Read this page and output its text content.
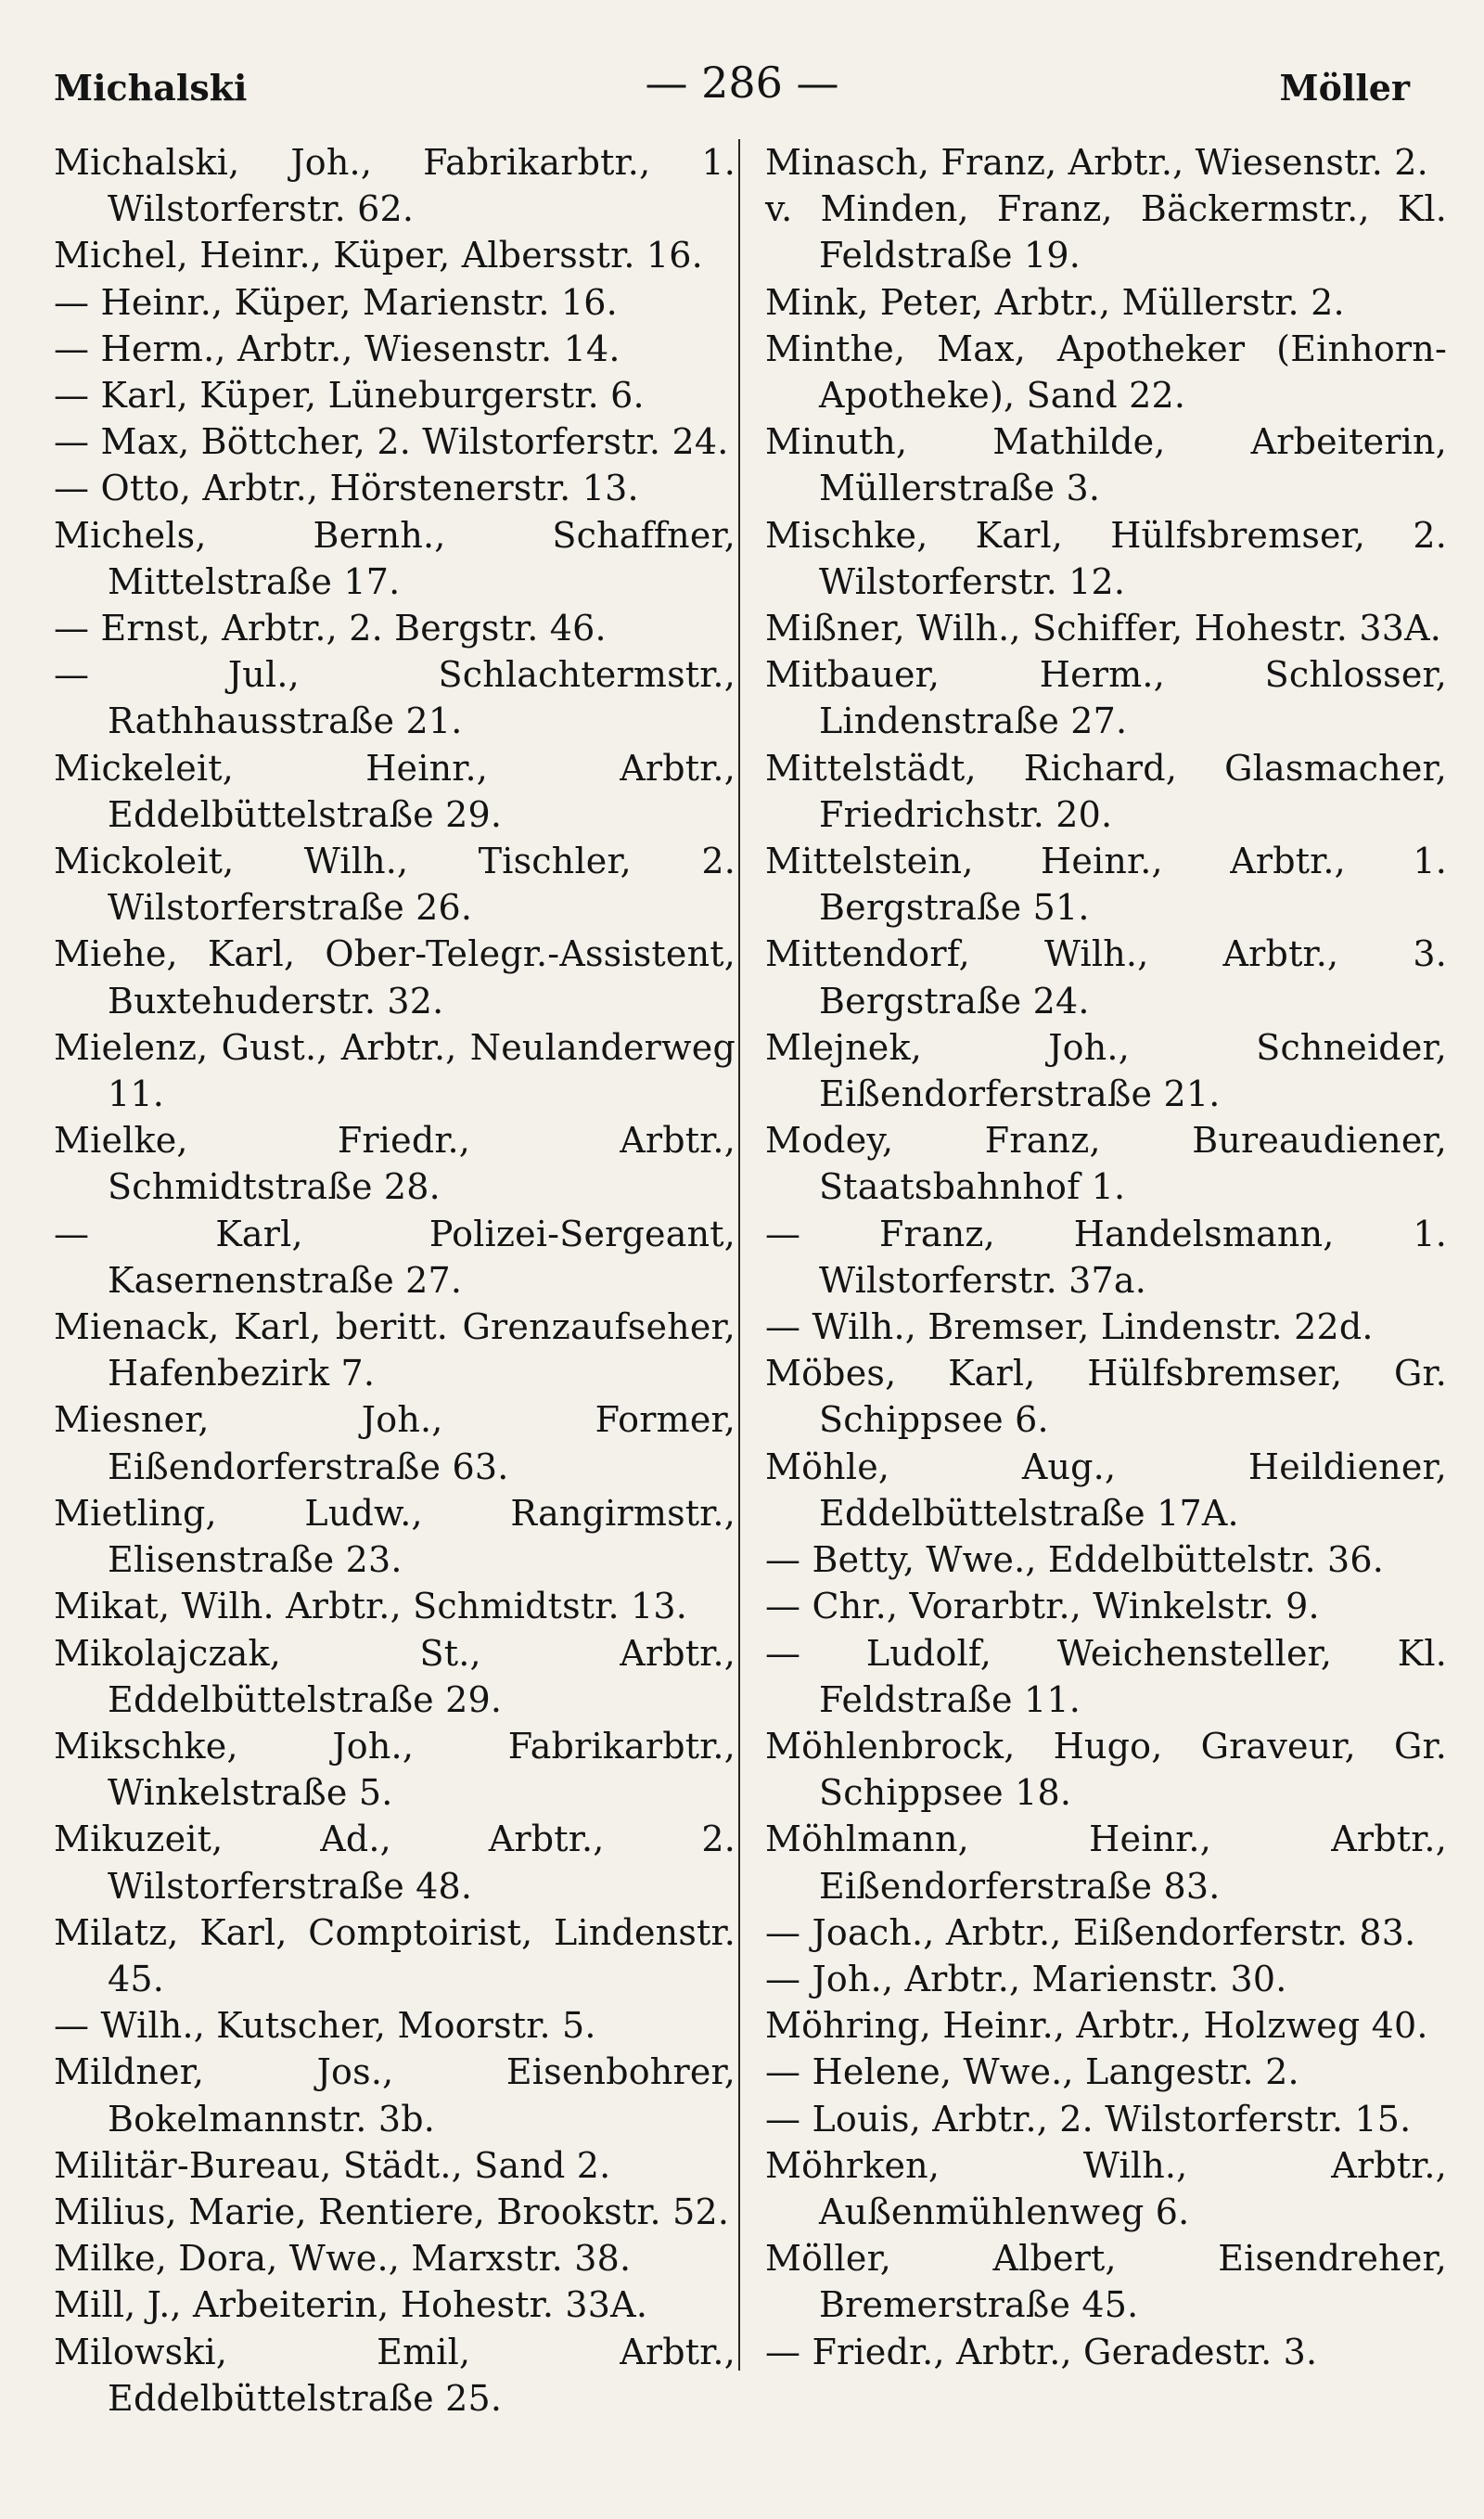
Michalski	— 286 —	Möller

Michalski, Joh., Fabrikarbtr., 1. Wilstorferstr. 62.

Michel, Heinr., Küper, Albersstr. 16.

— Heinr., Küper, Marienstr. 16.

— Herm., Arbtr., Wiesenstr. 14.

— Karl, Küper, Lüneburgerstr. 6.

— Max, Böttcher, 2. Wilstorferstr. 24.

— Otto, Arbtr., Hörstenerstr. 13.

Michels, Bernh., Schaffner, Mittelstraße 17.

— Ernst, Arbtr., 2. Bergstr. 46.

— Jul., Schlachtermstr., Rathhausstraße 21.

Mickeleit, Heinr., Arbtr., Eddelbüttelstraße 29.

Mickoleit, Wilh., Tischler, 2. Wilstorferstraße 26.

Miehe, Karl, Ober-Telegr.-Assistent, Buxtehuderstr. 32.

Mielenz, Gust., Arbtr., Neulanderweg 11.

Mielke, Friedr., Arbtr., Schmidtstraße 28.

— Karl, Polizei-Sergeant, Kasernenstraße 27.

Mienack, Karl, beritt. Grenzaufseher, Hafenbezirk 7.

Miesner, Joh., Former, Eißendorferstraße 63.

Mietling, Ludw., Rangirmstr., Elisenstraße 23.

Mikat, Wilh. Arbtr., Schmidtstr. 13.

Mikolajczak, St., Arbtr., Eddelbüttelstraße 29.

Mikschke, Joh., Fabrikarbtr., Winkelstraße 5.

Mikuzeit, Ad., Arbtr., 2. Wilstorferstraße 48.

Milatz, Karl, Comptoirist, Lindenstr. 45.

— Wilh., Kutscher, Moorstr. 5.

Mildner, Jos., Eisenbohrer, Bokelmannstr. 3b.

Militär-Bureau, Städt., Sand 2.

Milius, Marie, Rentiere, Brookstr. 52.

Milke, Dora, Wwe., Marxstr. 38.

Mill, J., Arbeiterin, Hohestr. 33A.

Milowski, Emil, Arbtr., Eddelbüttelstraße 25.

Minasch, Franz, Arbtr., Wiesenstr. 2.

v. Minden, Franz, Bäckermstr., Kl. Feldstraße 19.

Mink, Peter, Arbtr., Müllerstr. 2.

Minthe, Max, Apotheker (Einhorn-Apotheke), Sand 22.

Minuth, Mathilde, Arbeiterin, Müllerstraße 3.

Mischke, Karl, Hülfsbremser, 2. Wilstorferstr. 12.

Mißner, Wilh., Schiffer, Hohestr. 33A.

Mitbauer, Herm., Schlosser, Lindenstraße 27.

Mittelstädt, Richard, Glasmacher, Friedrichstr. 20.

Mittelstein, Heinr., Arbtr., 1. Bergstraße 51.

Mittendorf, Wilh., Arbtr., 3. Bergstraße 24.

Mlejnek, Joh., Schneider, Eißendorferstraße 21.

Modey, Franz, Bureaudiener, Staatsbahnhof 1.

— Franz, Handelsmann, 1. Wilstorferstr. 37a.

— Wilh., Bremser, Lindenstr. 22d.

Möbes, Karl, Hülfsbremser, Gr. Schippsee 6.

Möhle, Aug., Heildiener, Eddelbüttelstraße 17A.

— Betty, Wwe., Eddelbüttelstr. 36.

— Chr., Vorarbtr., Winkelstr. 9.

— Ludolf, Weichensteller, Kl. Feldstraße 11.

Möhlenbrock, Hugo, Graveur, Gr. Schippsee 18.

Möhlmann, Heinr., Arbtr., Eißendorferstraße 83.

— Joach., Arbtr., Eißendorferstr. 83.

— Joh., Arbtr., Marienstr. 30.

Möhring, Heinr., Arbtr., Holzweg 40.

— Helene, Wwe., Langestr. 2.

— Louis, Arbtr., 2. Wilstorferstr. 15.

Möhrken, Wilh., Arbtr., Außenmühlenweg 6.

Möller, Albert, Eisendreher, Bremerstraße 45.

— Friedr., Arbtr., Geradestr. 3.
